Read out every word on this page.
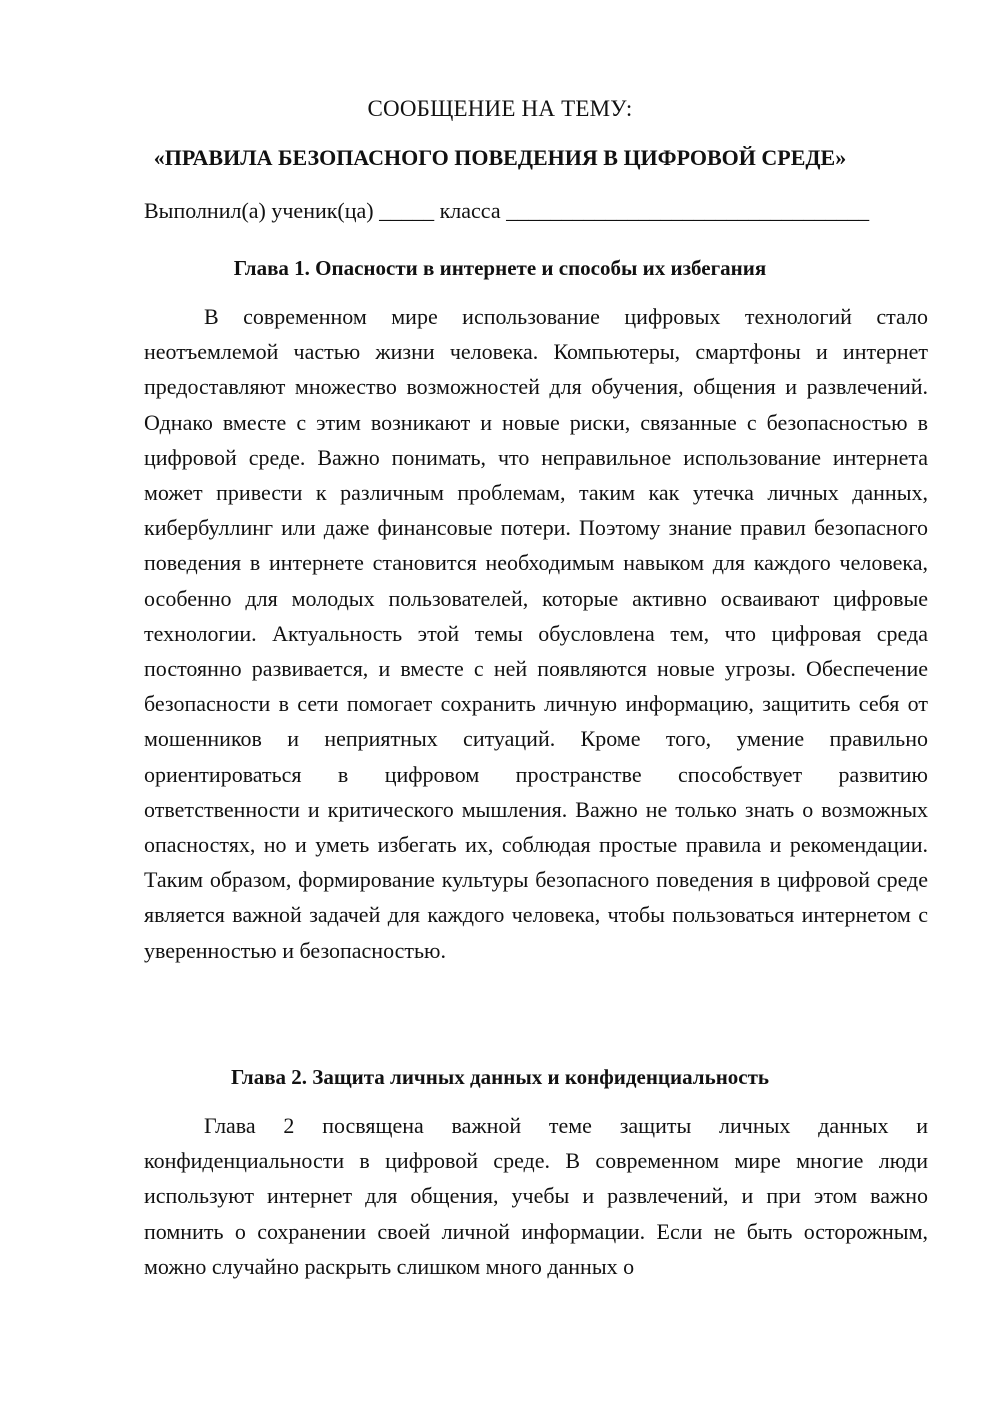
СООБЩЕНИЕ НА ТЕМУ:
«ПРАВИЛА БЕЗОПАСНОГО ПОВЕДЕНИЯ В ЦИФРОВОЙ СРЕДЕ»
Выполнил(а) ученик(ца) _____ класса _________________________________
Глава 1. Опасности в интернете и способы их избегания

В современном мире использование цифровых технологий стало неотъемлемой частью жизни человека. Компьютеры, смартфоны и интернет предоставляют множество возможностей для обучения, общения и развлечений. Однако вместе с этим возникают и новые риски, связанные с безопасностью в цифровой среде. Важно понимать, что неправильное использование интернета может привести к различным проблемам, таким как утечка личных данных, кибербуллинг или даже финансовые потери. Поэтому знание правил безопасного поведения в интернете становится необходимым навыком для каждого человека, особенно для молодых пользователей, которые активно осваивают цифровые технологии. Актуальность этой темы обусловлена тем, что цифровая среда постоянно развивается, и вместе с ней появляются новые угрозы. Обеспечение безопасности в сети помогает сохранить личную информацию, защитить себя от мошенников и неприятных ситуаций. Кроме того, умение правильно ориентироваться в цифровом пространстве способствует развитию ответственности и критического мышления. Важно не только знать о возможных опасностях, но и уметь избегать их, соблюдая простые правила и рекомендации. Таким образом, формирование культуры безопасного поведения в цифровой среде является важной задачей для каждого человека, чтобы пользоваться интернетом с уверенностью и безопасностью.

Глава 2. Защита личных данных и конфиденциальность

Глава 2 посвящена важной теме защиты личных данных и конфиденциальности в цифровой среде. В современном мире многие люди используют интернет для общения, учебы и развлечений, и при этом важно помнить о сохранении своей личной информации. Если не быть осторожным, можно случайно раскрыть слишком много данных о
